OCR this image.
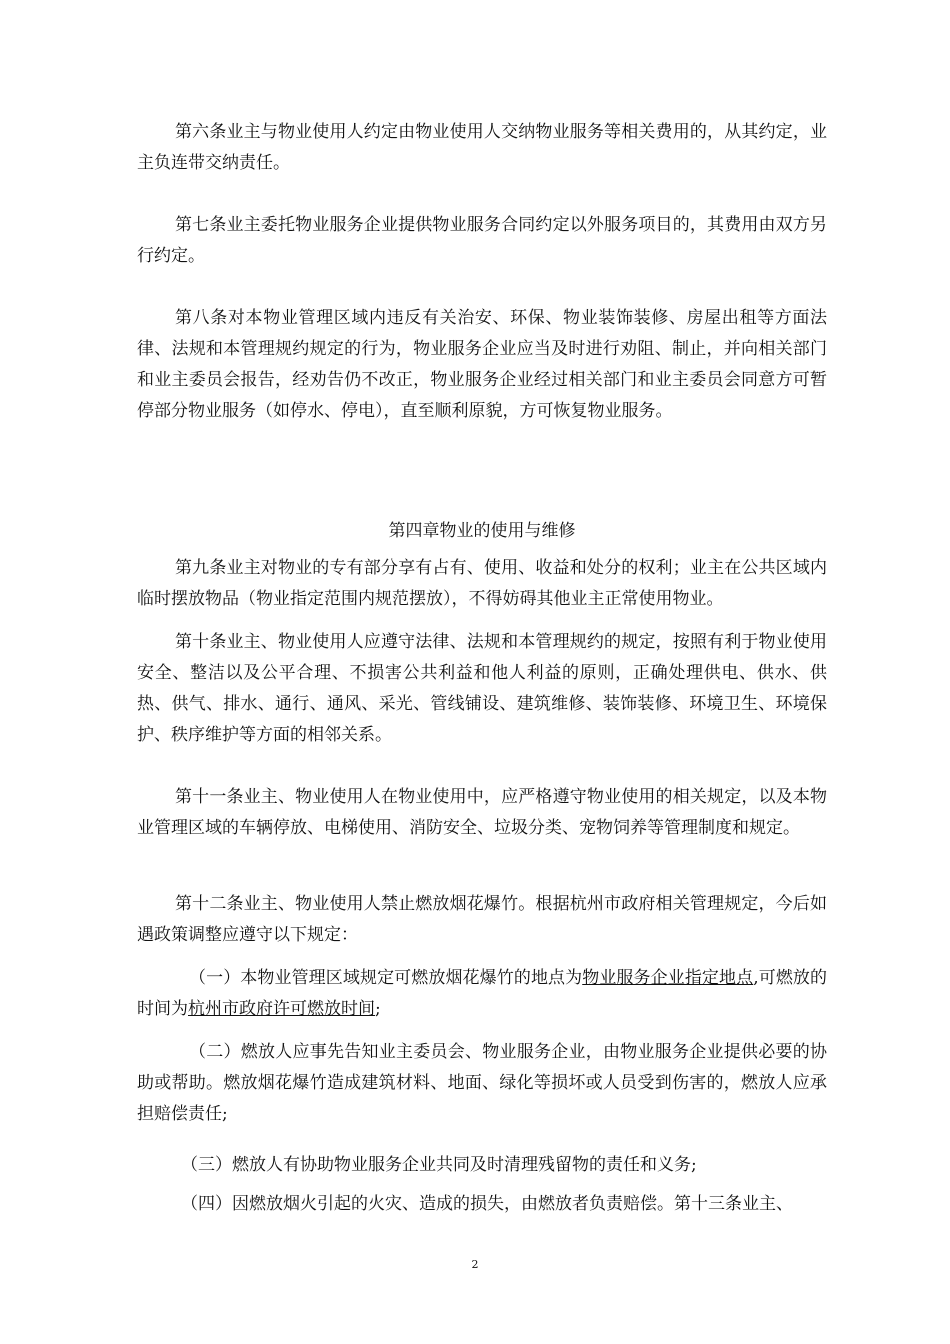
第六条业主与物业使用人约定由物业使用人交纳物业服务等相关费用的，从其约定，业主负连带交纳责任。

第七条业主委托物业服务企业提供物业服务合同约定以外服务项目的，其费用由双方另行约定。

第八条对本物业管理区域内违反有关治安、环保、物业装饰装修、房屋出租等方面法律、法规和本管理规约规定的行为，物业服务企业应当及时进行劝阻、制止，并向相关部门和业主委员会报告，经劝告仍不改正，物业服务企业经过相关部门和业主委员会同意方可暂停部分物业服务（如停水、停电），直至顺利原貌，方可恢复物业服务。

第四章物业的使用与维修

第九条业主对物业的专有部分享有占有、使用、收益和处分的权利；业主在公共区域内临时摆放物品（物业指定范围内规范摆放），不得妨碍其他业主正常使用物业。

第十条业主、物业使用人应遵守法律、法规和本管理规约的规定，按照有利于物业使用安全、整洁以及公平合理、不损害公共利益和他人利益的原则，正确处理供电、供水、供热、供气、排水、通行、通风、采光、管线铺设、建筑维修、装饰装修、环境卫生、环境保护、秩序维护等方面的相邻关系。

第十一条业主、物业使用人在物业使用中，应严格遵守物业使用的相关规定，以及本物业管理区域的车辆停放、电梯使用、消防安全、垃圾分类、宠物饲养等管理制度和规定。

第十二条业主、物业使用人禁止燃放烟花爆竹。根据杭州市政府相关管理规定，今后如遇政策调整应遵守以下规定：

（一）本物业管理区域规定可燃放烟花爆竹的地点为物业服务企业指定地点,可燃放的时间为杭州市政府许可燃放时间;

（二）燃放人应事先告知业主委员会、物业服务企业，由物业服务企业提供必要的协助或帮助。燃放烟花爆竹造成建筑材料、地面、绿化等损坏或人员受到伤害的，燃放人应承担赔偿责任;

（三）燃放人有协助物业服务企业共同及时清理残留物的责任和义务;

（四）因燃放烟火引起的火灾、造成的损失，由燃放者负责赔偿。第十三条业主、

2
